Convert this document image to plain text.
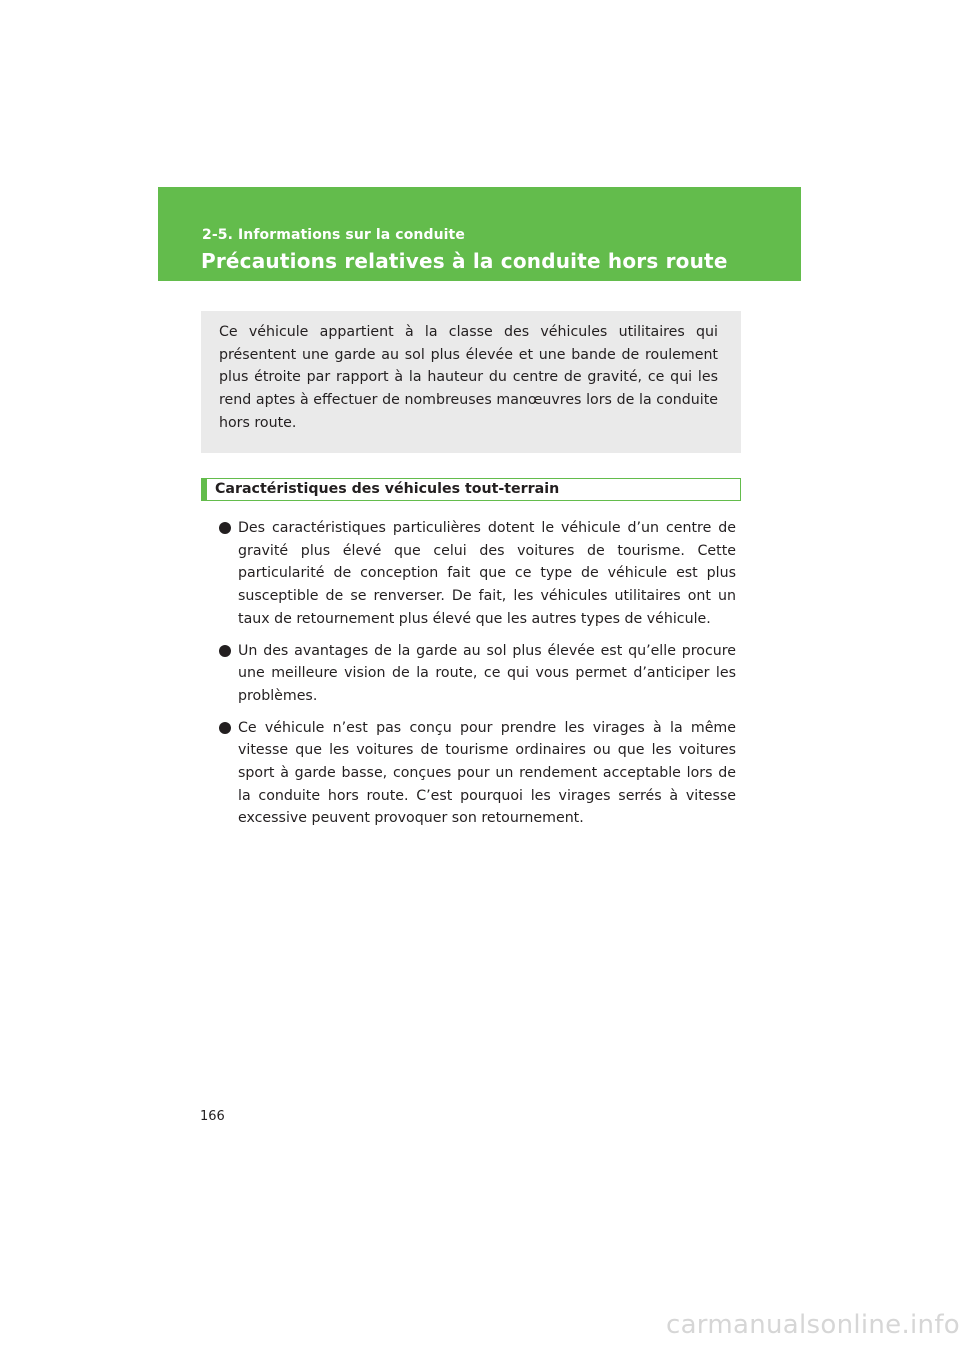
2-5. Informations sur la conduite
Précautions relatives à la conduite hors route

Ce véhicule appartient à la classe des véhicules utilitaires qui présentent une garde au sol plus élevée et une bande de roulement plus étroite par rapport à la hauteur du centre de gravité, ce qui les rend aptes à effectuer de nombreuses manœuvres lors de la conduite hors route.

Caractéristiques des véhicules tout-terrain
Des caractéristiques particulières dotent le véhicule d’un centre de gravité plus élevé que celui des voitures de tourisme. Cette particularité de conception fait que ce type de véhicule est plus susceptible de se renverser. De fait, les véhicules utilitaires ont un taux de retournement plus élevé que les autres types de véhicule.
Un des avantages de la garde au sol plus élevée est qu’elle procure une meilleure vision de la route, ce qui vous permet d’anticiper les problèmes.
Ce véhicule n’est pas conçu pour prendre les virages à la même vitesse que les voitures de tourisme ordinaires ou que les voitures sport à garde basse, conçues pour un rendement acceptable lors de la conduite hors route. C’est pourquoi les virages serrés à vitesse excessive peuvent provoquer son retournement.
166
carmanualsonline.info
